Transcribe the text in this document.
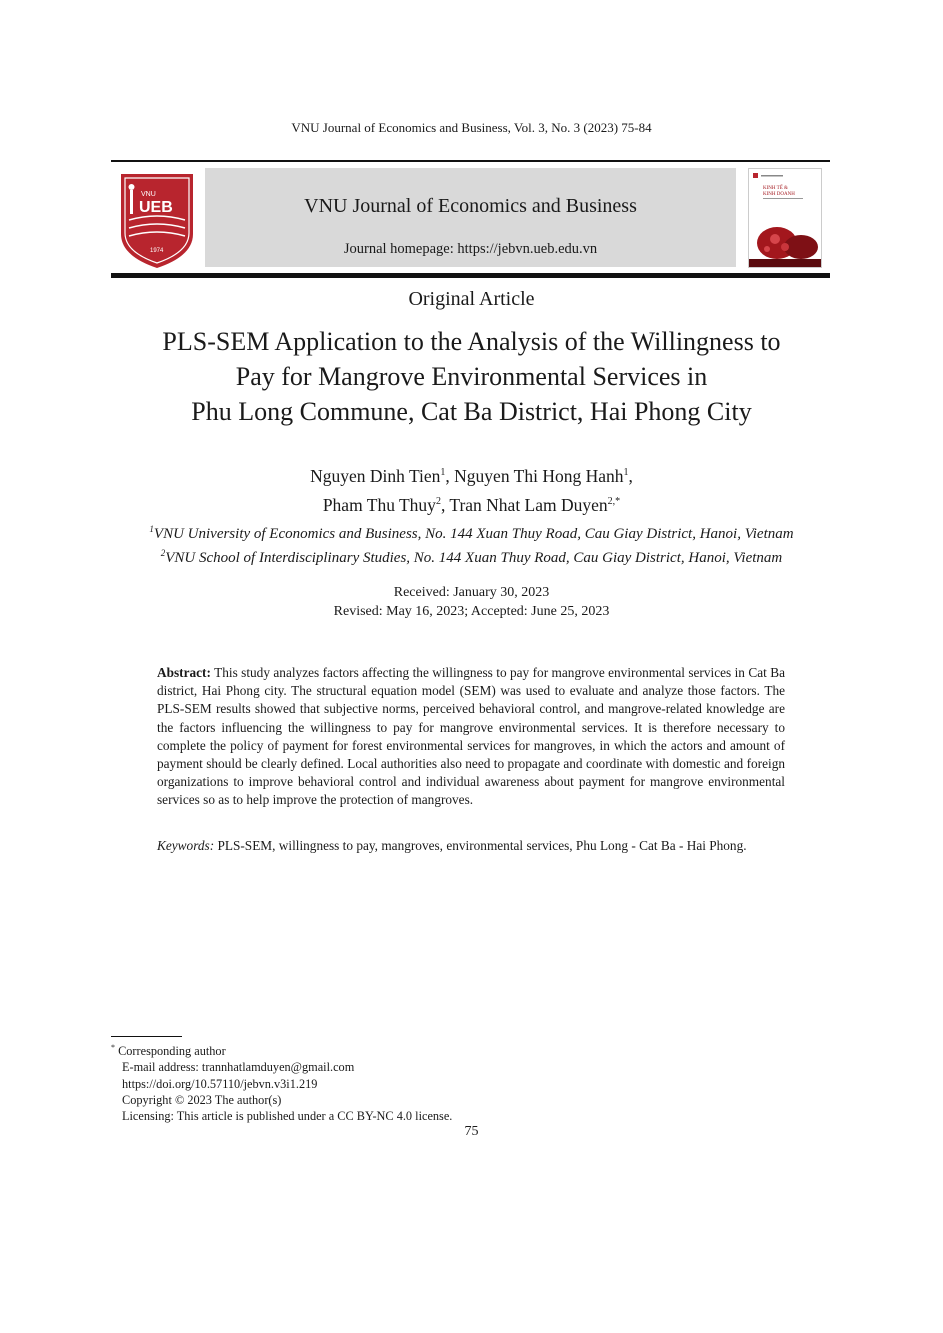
VNU Journal of Economics and Business, Vol. 3, No. 3 (2023) 75-84
VNU
UEB
1974
VNU Journal of Economics and Business
Journal homepage: https://jebvn.ueb.edu.vn
KINH TẾ &
KINH DOANH
Original Article
PLS-SEM Application to the Analysis of the Willingness to
Pay for Mangrove Environmental Services in
Phu Long Commune, Cat Ba District, Hai Phong City
Nguyen Dinh Tien$^1$, Nguyen Thi Hong Hanh$^1$,
Pham Thu Thuy$^2$, Tran Nhat Lam Duyen$^{2,*}$
$^1$VNU University of Economics and Business, No. 144 Xuan Thuy Road, Cau Giay District, Hanoi, Vietnam
$^2$VNU School of Interdisciplinary Studies, No. 144 Xuan Thuy Road, Cau Giay District, Hanoi, Vietnam
Received: January 30, 2023
Revised: May 16, 2023; Accepted: June 25, 2023
Abstract: This study analyzes factors affecting the willingness to pay for mangrove environmental services in Cat Ba district, Hai Phong city. The structural equation model (SEM) was used to evaluate and analyze those factors. The PLS-SEM results showed that subjective norms, perceived behavioral control, and mangrove-related knowledge are the factors influencing the willingness to pay for mangrove environmental services. It is therefore necessary to complete the policy of payment for forest environmental services for mangroves, in which the actors and amount of payment should be clearly defined. Local authorities also need to propagate and coordinate with domestic and foreign organizations to improve behavioral control and individual awareness about payment for mangrove environmental services so as to help improve the protection of mangroves.
Keywords: PLS-SEM, willingness to pay, mangroves, environmental services, Phu Long - Cat Ba - Hai Phong.
* Corresponding author
E-mail address: trannhatlamduyen@gmail.com
https://doi.org/10.57110/jebvn.v3i1.219
Copyright © 2023 The author(s)
Licensing: This article is published under a CC BY-NC 4.0 license.
75
